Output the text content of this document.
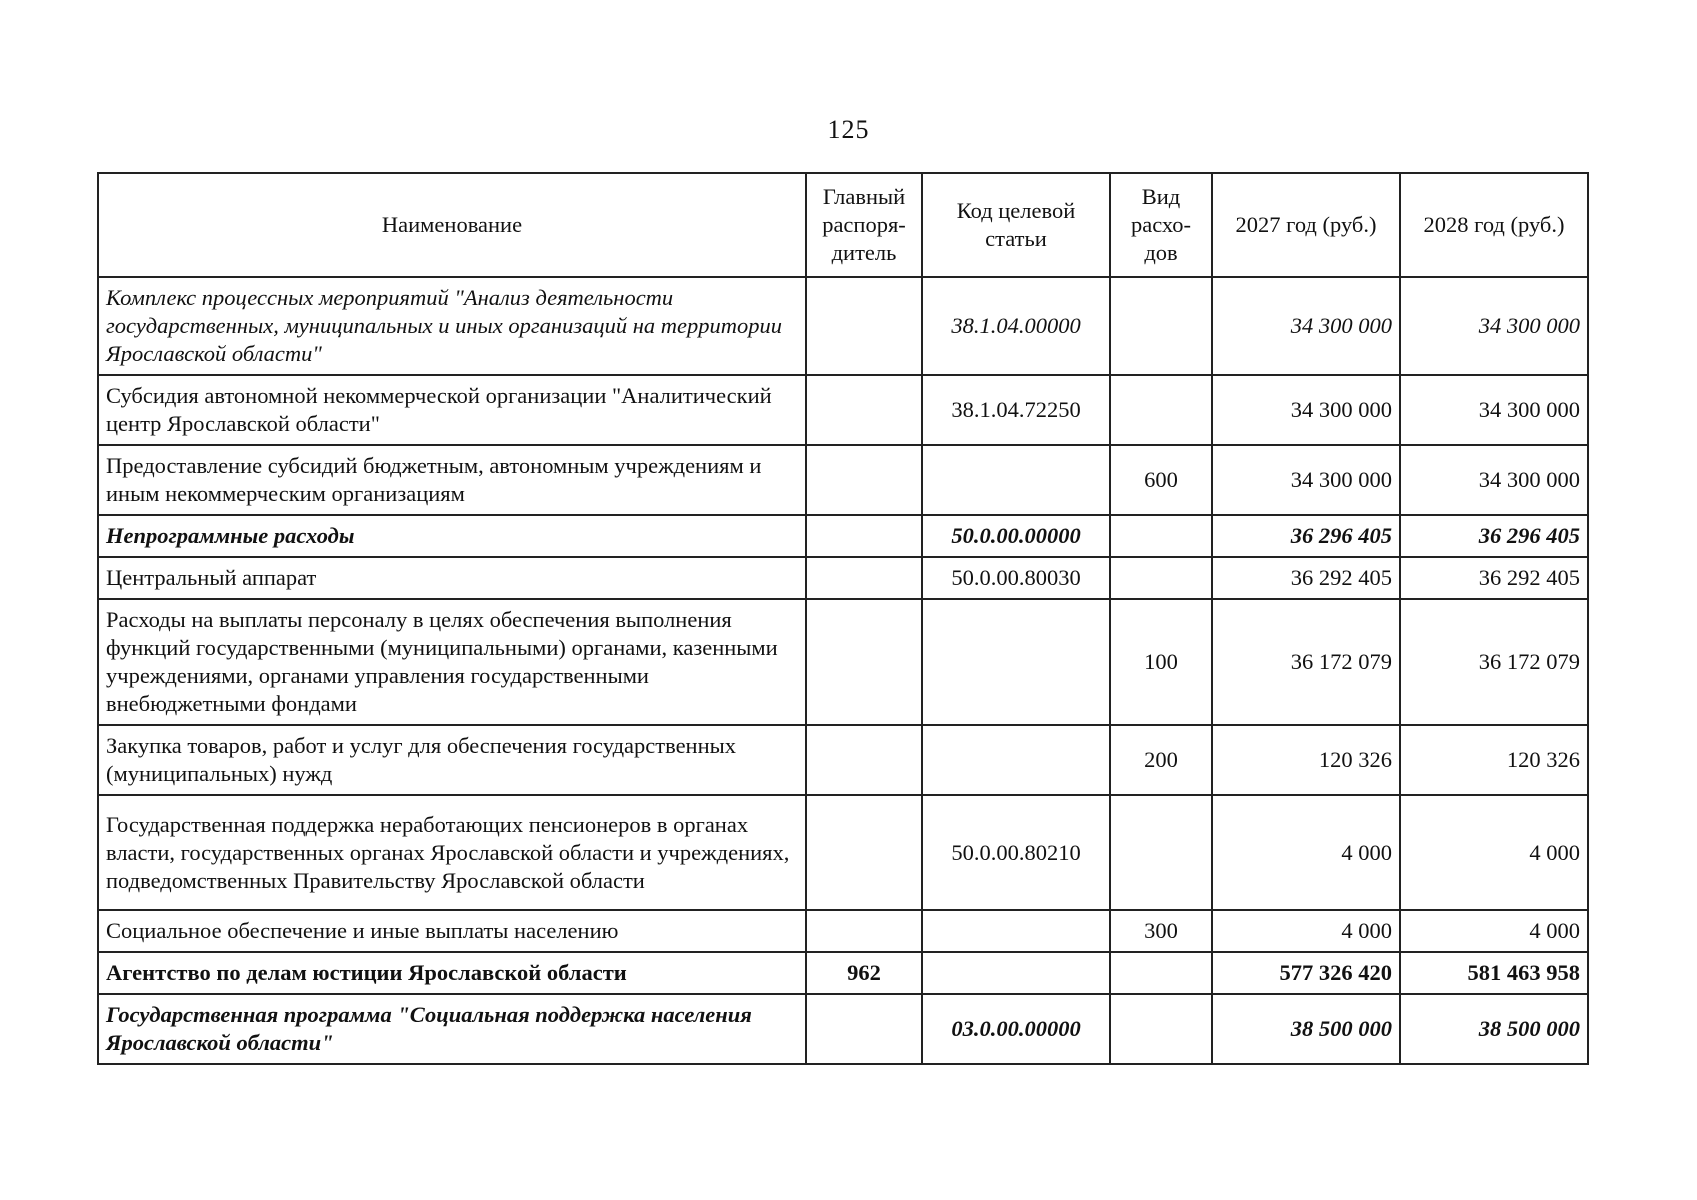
125
Наименование	Главный распоря-дитель	Код целевой статьи	Вид расхо-дов	2027 год (руб.)	2028 год (руб.)
Комплекс процессных мероприятий "Анализ деятельности государственных, муниципальных и иных организаций на территории Ярославской области"		38.1.04.00000		34 300 000	34 300 000
Субсидия автономной некоммерческой организации "Аналитический центр Ярославской области"		38.1.04.72250		34 300 000	34 300 000
Предоставление субсидий бюджетным, автономным учреждениям и иным некоммерческим организациям			600	34 300 000	34 300 000
Непрограммные расходы		50.0.00.00000		36 296 405	36 296 405
Центральный аппарат		50.0.00.80030		36 292 405	36 292 405
Расходы на выплаты персоналу в целях обеспечения выполнения функций государственными (муниципальными) органами, казенными учреждениями, органами управления государственными внебюджетными фондами			100	36 172 079	36 172 079
Закупка товаров, работ и услуг для обеспечения государственных (муниципальных) нужд			200	120 326	120 326
Государственная поддержка неработающих пенсионеров в органах власти, государственных органах Ярославской области и учреждениях, подведомственных Правительству Ярославской области		50.0.00.80210		4 000	4 000
Социальное обеспечение и иные выплаты населению			300	4 000	4 000
Агентство по делам юстиции Ярославской области	962			577 326 420	581 463 958
Государственная программа "Социальная поддержка населения Ярославской области"		03.0.00.00000		38 500 000	38 500 000
